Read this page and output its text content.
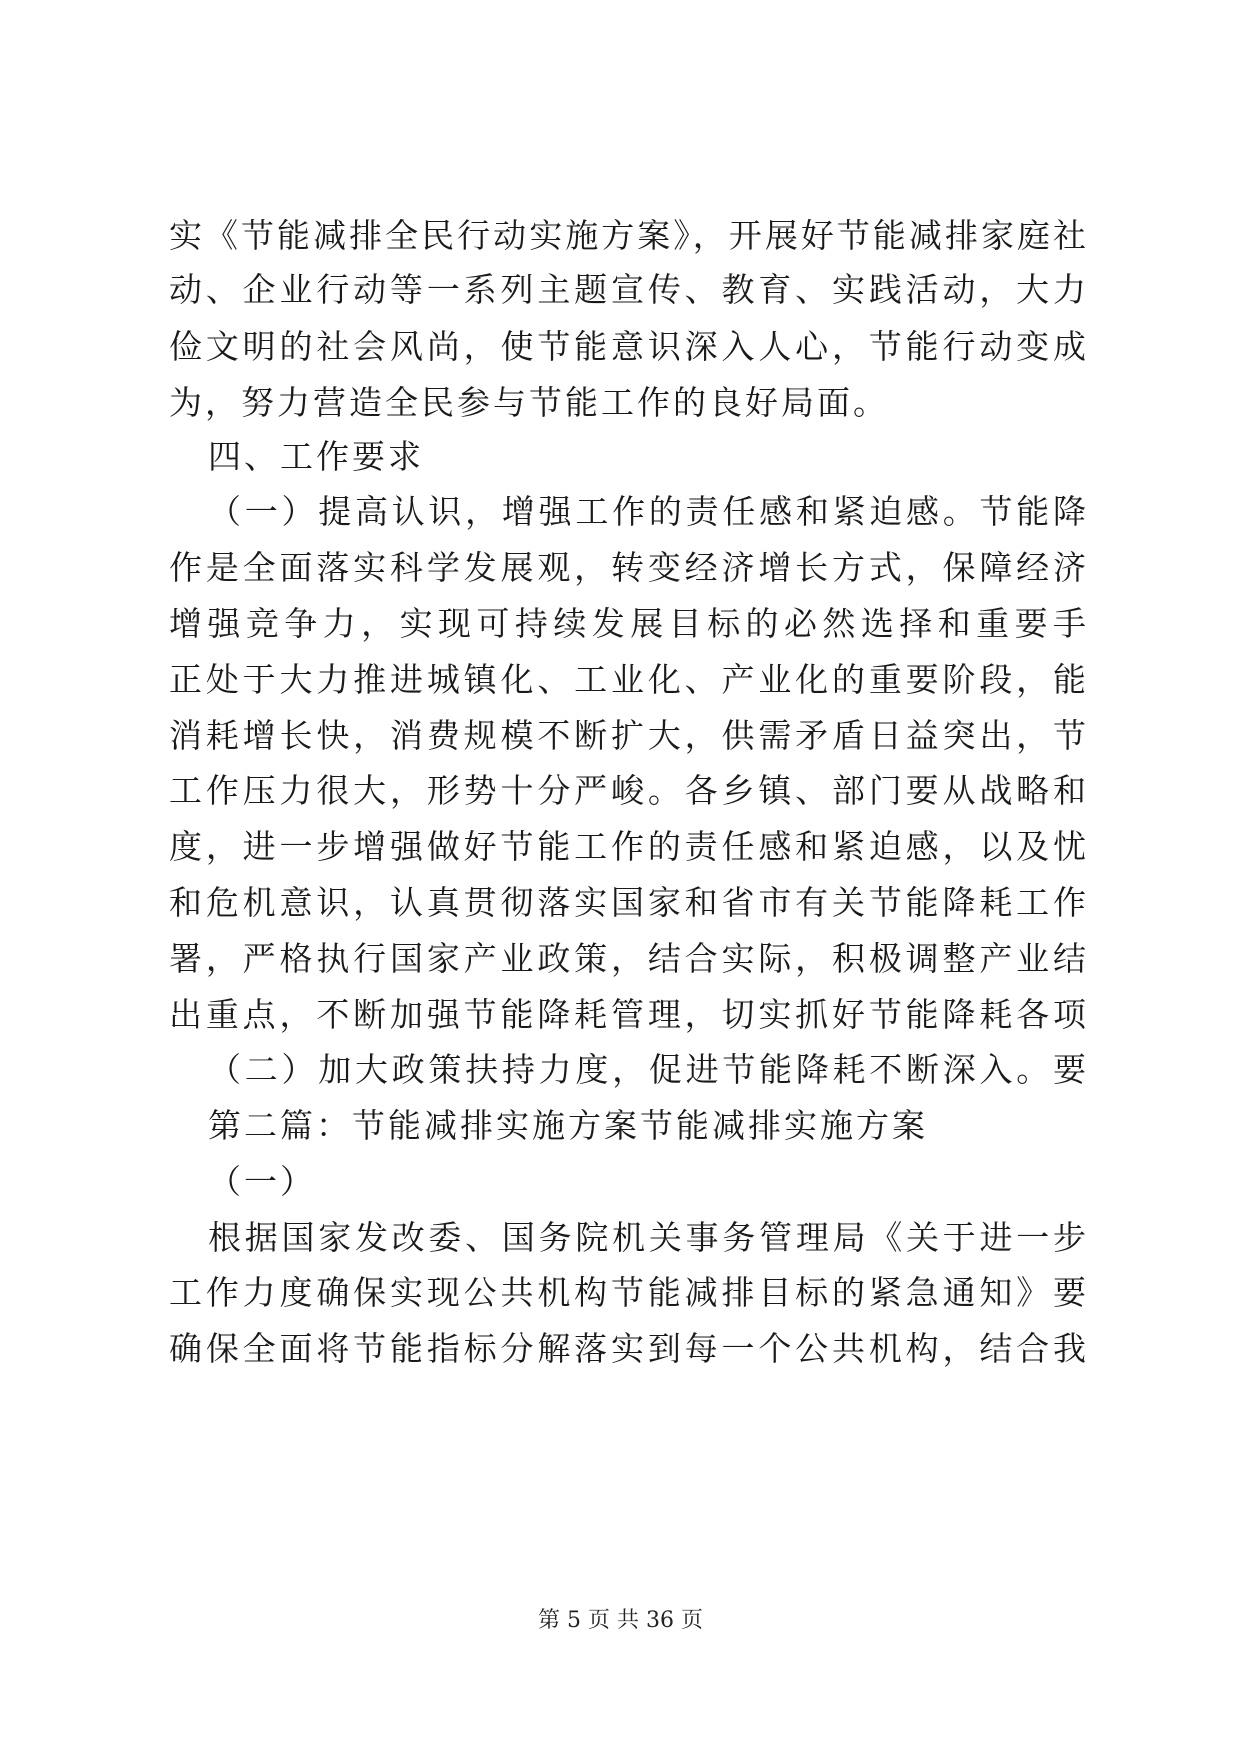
实《节能减排全民行动实施方案》，开展好节能减排家庭社
动、企业行动等一系列主题宣传、教育、实践活动，大力
俭文明的社会风尚，使节能意识深入人心，节能行动变成
为，努力营造全民参与节能工作的良好局面。
四、工作要求
（一）提高认识，增强工作的责任感和紧迫感。节能降
作是全面落实科学发展观，转变经济增长方式，保障经济
增强竞争力，实现可持续发展目标的必然选择和重要手
正处于大力推进城镇化、工业化、产业化的重要阶段，能
消耗增长快，消费规模不断扩大，供需矛盾日益突出，节
工作压力很大，形势十分严峻。各乡镇、部门要从战略和
度，进一步增强做好节能工作的责任感和紧迫感，以及忧
和危机意识，认真贯彻落实国家和省市有关节能降耗工作
署，严格执行国家产业政策，结合实际，积极调整产业结
出重点，不断加强节能降耗管理，切实抓好节能降耗各项
（二）加大政策扶持力度，促进节能降耗不断深入。要
第二篇：节能减排实施方案节能减排实施方案
（一）
根据国家发改委、国务院机关事务管理局《关于进一步
工作力度确保实现公共机构节能减排目标的紧急通知》要
确保全面将节能指标分解落实到每一个公共机构，结合我
第 5 页 共 36 页
